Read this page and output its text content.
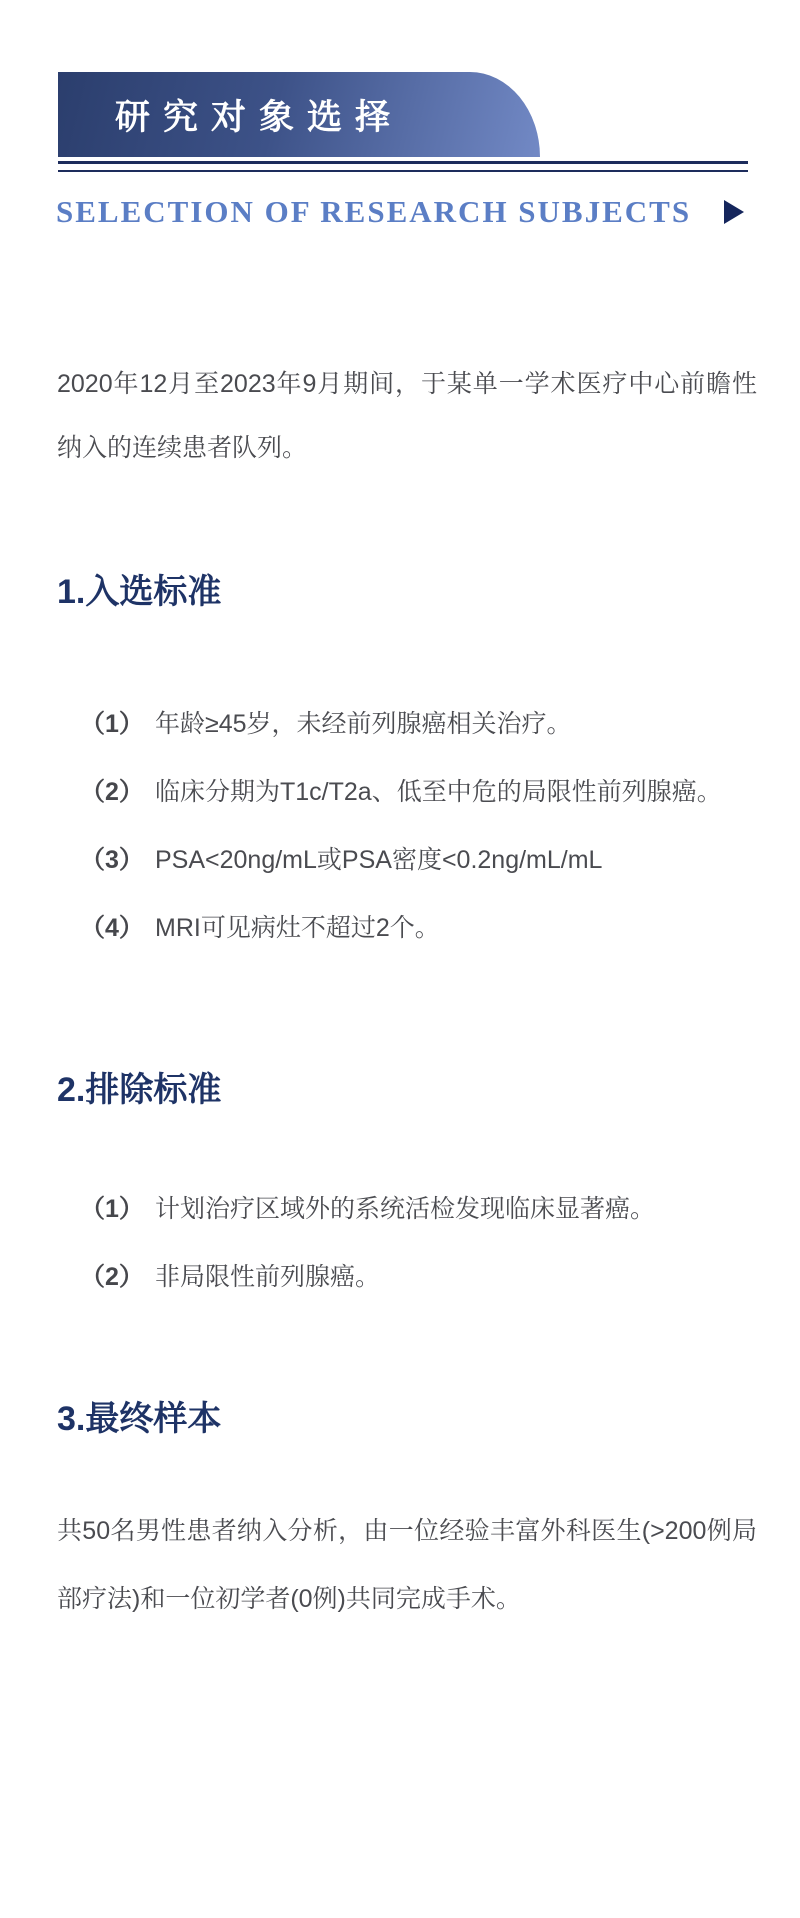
研究对象选择
SELECTION OF RESEARCH SUBJECTS

2020年12月至2023年9月期间，于某单一学术医疗中心前瞻性纳入的连续患者队列。

1.入选标准
（1） 年龄≥45岁，未经前列腺癌相关治疗。
（2） 临床分期为T1c/T2a、低至中危的局限性前列腺癌。
（3） PSA<20ng/mL或PSA密度<0.2ng/mL/mL
（4） MRI可见病灶不超过2个。
2.排除标准
（1） 计划治疗区域外的系统活检发现临床显著癌。
（2） 非局限性前列腺癌。
3.最终样本

共50名男性患者纳入分析，由一位经验丰富外科医生(>200例局部疗法)和一位初学者(0例)共同完成手术。
